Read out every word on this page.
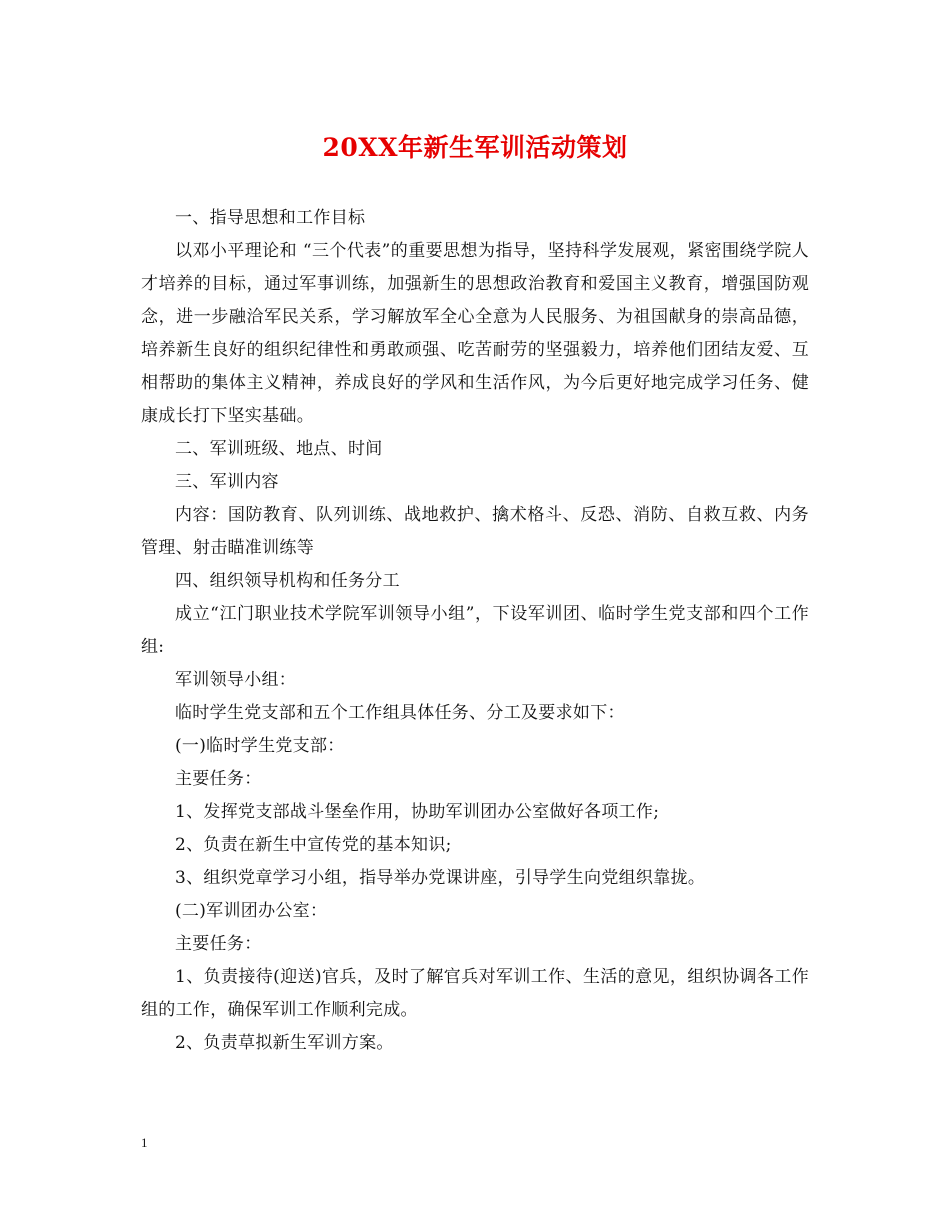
20XX年新生军训活动策划

一、指导思想和工作目标

以邓小平理论和 “三个代表”的重要思想为指导，坚持科学发展观，紧密围绕学院人才培养的目标，通过军事训练，加强新生的思想政治教育和爱国主义教育，增强国防观念，进一步融洽军民关系，学习解放军全心全意为人民服务、为祖国献身的崇高品德，培养新生良好的组织纪律性和勇敢顽强、吃苦耐劳的坚强毅力，培养他们团结友爱、互相帮助的集体主义精神，养成良好的学风和生活作风，为今后更好地完成学习任务、健康成长打下坚实基础。

二、军训班级、地点、时间

三、军训内容

内容：国防教育、队列训练、战地救护、擒术格斗、反恐、消防、自救互救、内务管理、射击瞄准训练等

四、组织领导机构和任务分工

成立“江门职业技术学院军训领导小组”，下设军训团、临时学生党支部和四个工作组:

军训领导小组：

临时学生党支部和五个工作组具体任务、分工及要求如下：

(一)临时学生党支部：

主要任务：

1、发挥党支部战斗堡垒作用，协助军训团办公室做好各项工作;

2、负责在新生中宣传党的基本知识;

3、组织党章学习小组，指导举办党课讲座，引导学生向党组织靠拢。

(二)军训团办公室：

主要任务：

1、负责接待(迎送)官兵，及时了解官兵对军训工作、生活的意见，组织协调各工作组的工作，确保军训工作顺利完成。

2、负责草拟新生军训方案。

1
